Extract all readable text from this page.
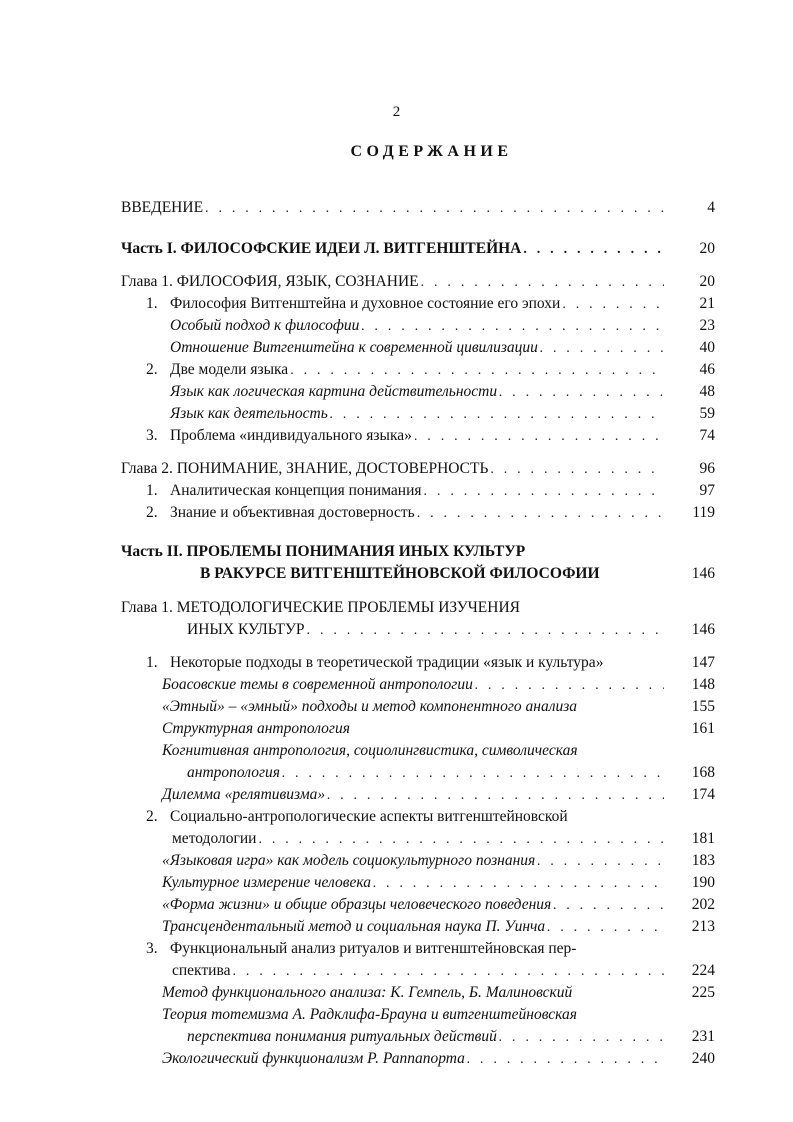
2
СОДЕРЖАНИЕ
ВВЕДЕНИЕ . . .	4
Часть I. ФИЛОСОФСКИЕ ИДЕИ Л. ВИТГЕНШТЕЙНА . . .	20
Глава 1. ФИЛОСОФИЯ, ЯЗЫК, СОЗНАНИЕ . . .	20
1. Философия Витгенштейна и духовное состояние его эпохи . . .	21
Особый подход к философии . . .	23
Отношение Витгенштейна к современной цивилизации . . .	40
2. Две модели языка . . .	46
Язык как логическая картина действительности . . .	48
Язык как деятельность . . .	59
3. Проблема «индивидуального языка» . . .	74
Глава 2. ПОНИМАНИЕ, ЗНАНИЕ, ДОСТОВЕРНОСТЬ . . .	96
1. Аналитическая концепция понимания . . .	97
2. Знание и объективная достоверность . . .	119
Часть II. ПРОБЛЕМЫ ПОНИМАНИЯ ИНЫХ КУЛЬТУР
В РАКУРСЕ ВИТГЕНШТЕЙНОВСКОЙ ФИЛОСОФИИ	146
Глава 1. МЕТОДОЛОГИЧЕСКИЕ ПРОБЛЕМЫ ИЗУЧЕНИЯ
ИНЫХ КУЛЬТУР . . .	146
1. Некоторые подходы в теоретической традиции «язык и культура»	147
Боасовские темы в современной антропологии . . .	148
«Этный» – «эмный» подходы и метод компонентного анализа	155
Структурная антропология	161
Когнитивная антропология, социолингвистика, символическая
антропология . . .	168
Дилемма «релятивизма» . . .	174
2. Социально-антропологические аспекты витгенштейновской
методологии . . .	181
«Языковая игра» как модель социокультурного познания . . .	183
Культурное измерение человека . . .	190
«Форма жизни» и общие образцы человеческого поведения . . .	202
Трансцендентальный метод и социальная наука П. Уинча . . .	213
3. Функциональный анализ ритуалов и витгенштейновская пер-
спектива . . .	224
Метод функционального анализа: К. Гемпель, Б. Малиновский	225
Теория тотемизма А. Радклифа-Брауна и витгенштейновская
перспектива понимания ритуальных действий . . .	231
Экологический функционализм Р. Раппапорта . . .	240
